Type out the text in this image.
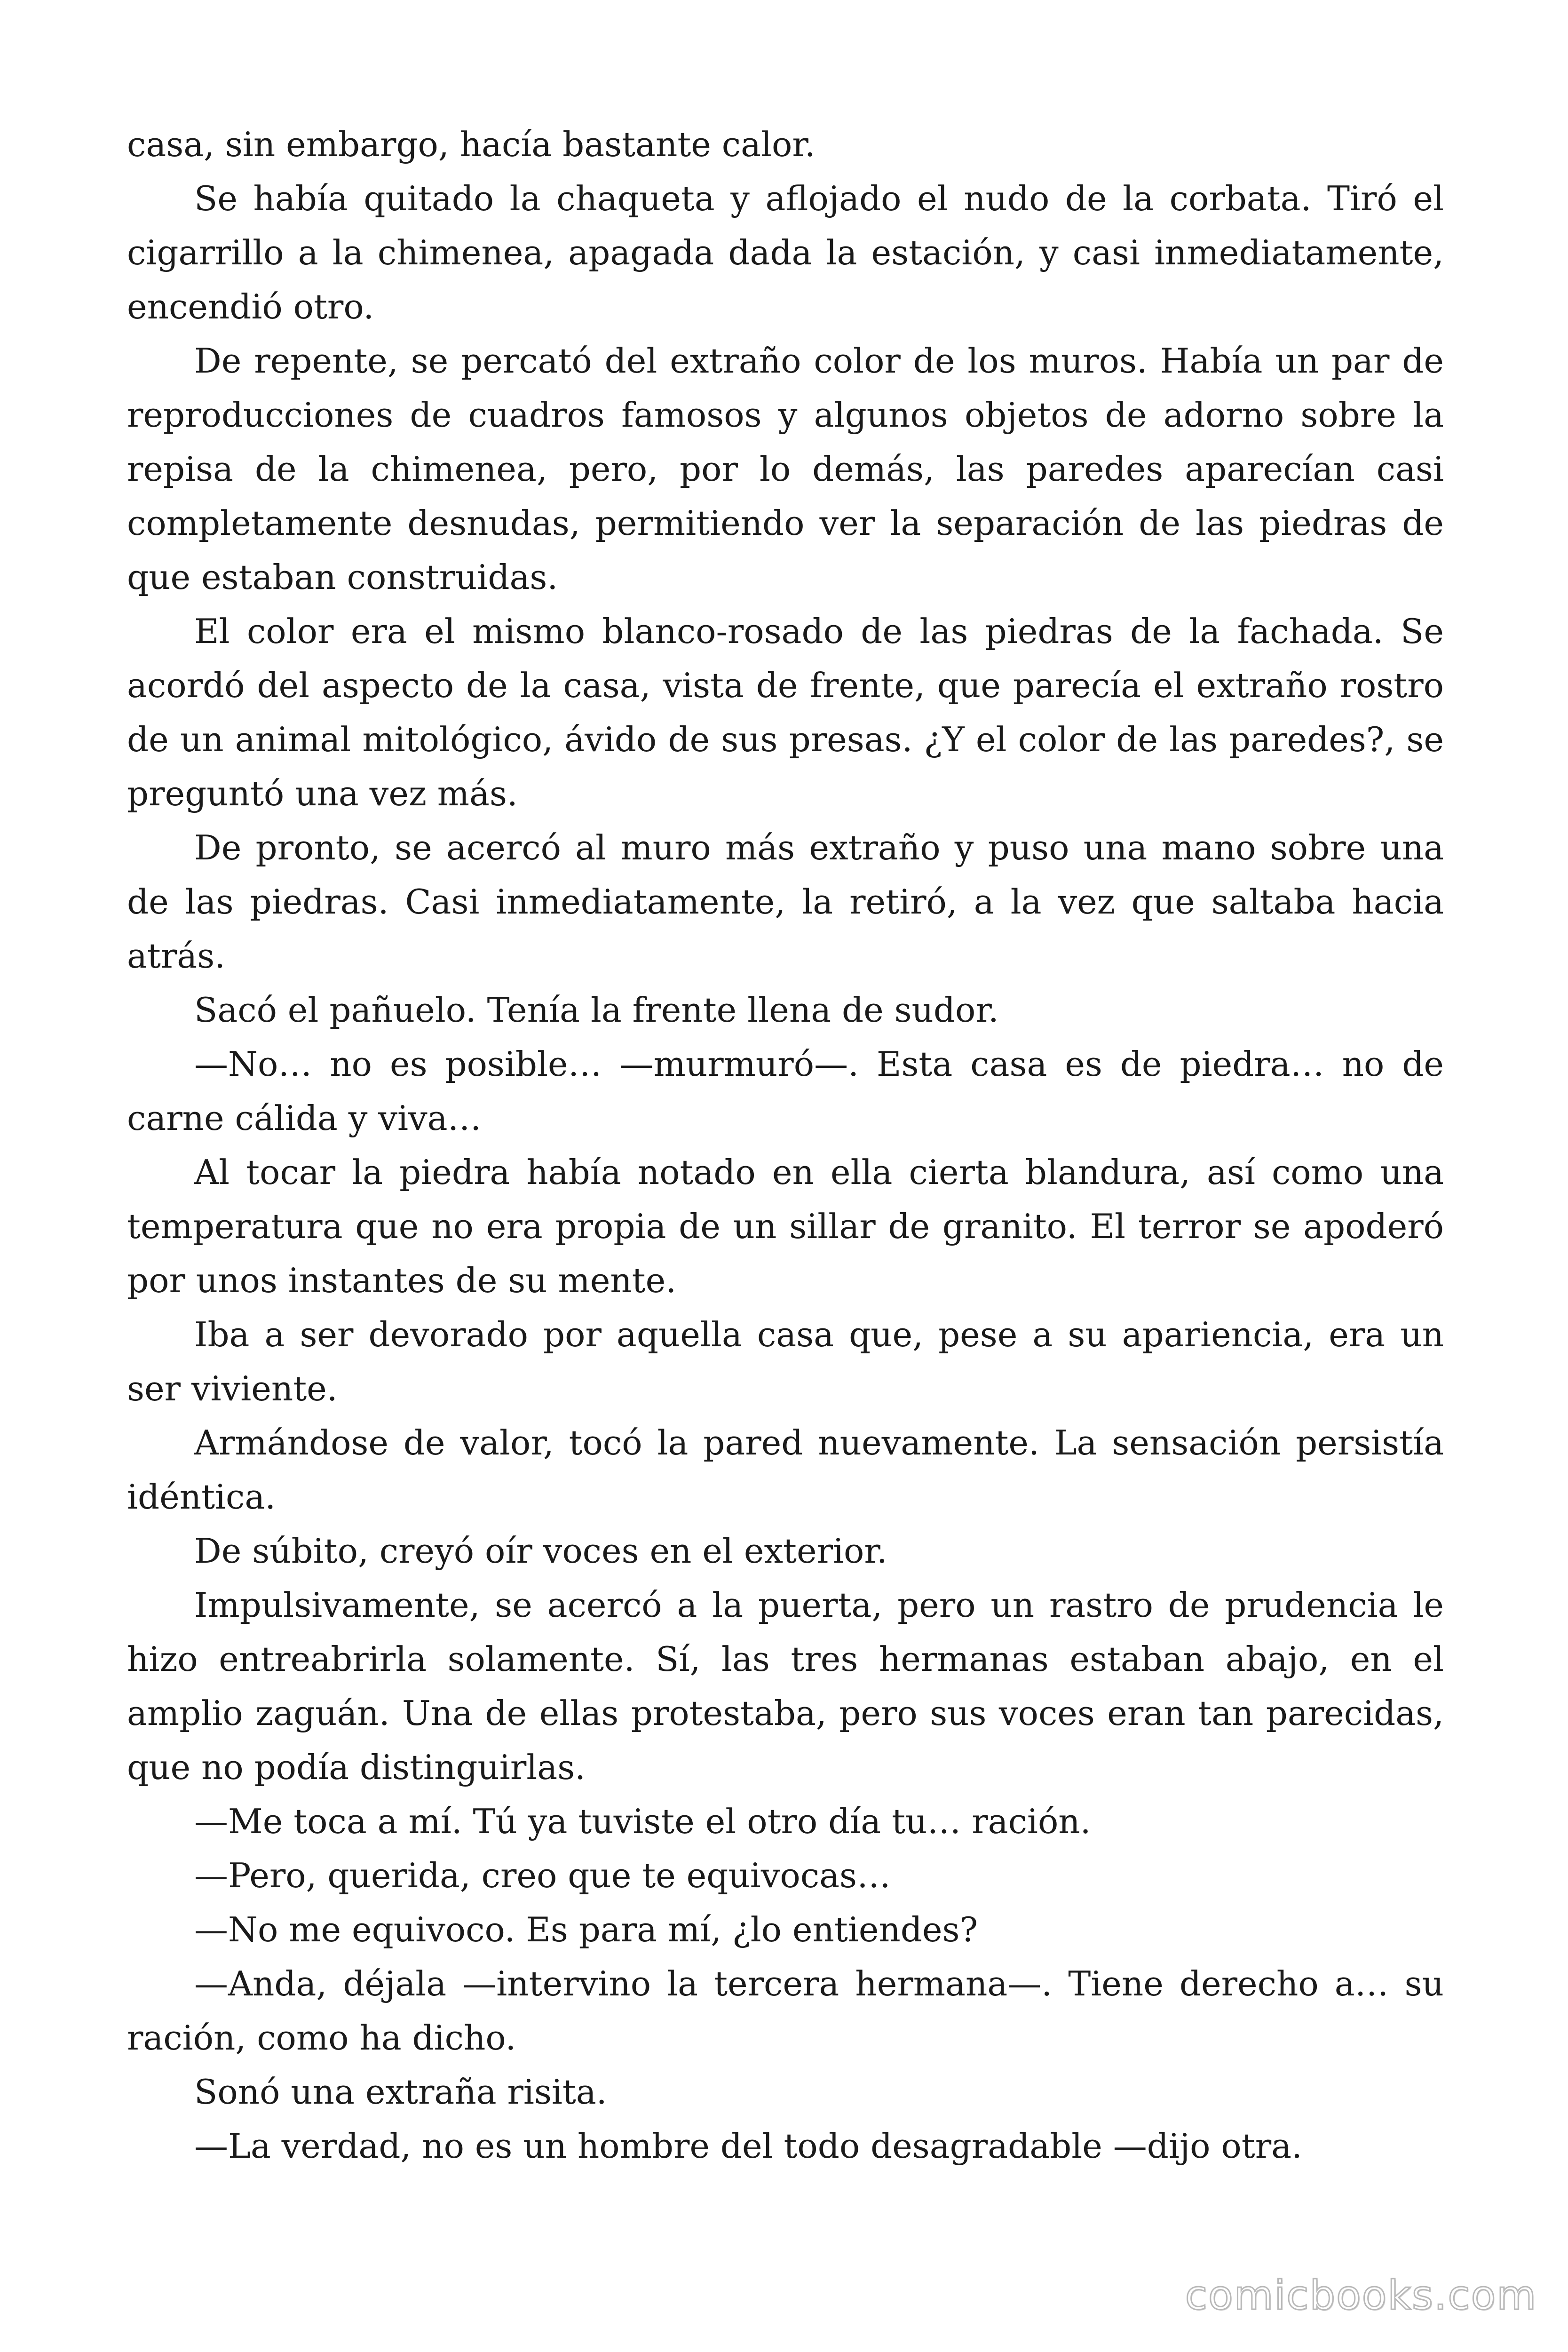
casa, sin embargo, hacía bastante calor.

Se había quitado la chaqueta y aflojado el nudo de la corbata. Tiró el cigarrillo a la chimenea, apagada dada la estación, y casi inmediatamente, encendió otro.

De repente, se percató del extraño color de los muros. Había un par de reproducciones de cuadros famosos y algunos objetos de adorno sobre la repisa de la chimenea, pero, por lo demás, las paredes aparecían casi completamente desnudas, permitiendo ver la separación de las piedras de que estaban construidas.

El color era el mismo blanco-rosado de las piedras de la fachada. Se acordó del aspecto de la casa, vista de frente, que parecía el extraño rostro de un animal mitológico, ávido de sus presas. ¿Y el color de las paredes?, se preguntó una vez más.

De pronto, se acercó al muro más extraño y puso una mano sobre una de las piedras. Casi inmediatamente, la retiró, a la vez que saltaba hacia atrás.

Sacó el pañuelo. Tenía la frente llena de sudor.

—No… no es posible… —murmuró—. Esta casa es de piedra… no de carne cálida y viva…

Al tocar la piedra había notado en ella cierta blandura, así como una temperatura que no era propia de un sillar de granito. El terror se apoderó por unos instantes de su mente.

Iba a ser devorado por aquella casa que, pese a su apariencia, era un ser viviente.

Armándose de valor, tocó la pared nuevamente. La sensación persistía idéntica.

De súbito, creyó oír voces en el exterior.

Impulsivamente, se acercó a la puerta, pero un rastro de prudencia le hizo entreabrirla solamente. Sí, las tres hermanas estaban abajo, en el amplio zaguán. Una de ellas protestaba, pero sus voces eran tan parecidas, que no podía distinguirlas.

—Me toca a mí. Tú ya tuviste el otro día tu… ración.

—Pero, querida, creo que te equivocas…

—No me equivoco. Es para mí, ¿lo entiendes?

—Anda, déjala —intervino la tercera hermana—. Tiene derecho a… su ración, como ha dicho.

Sonó una extraña risita.

—La verdad, no es un hombre del todo desagradable —dijo otra.

comicbooks.com
